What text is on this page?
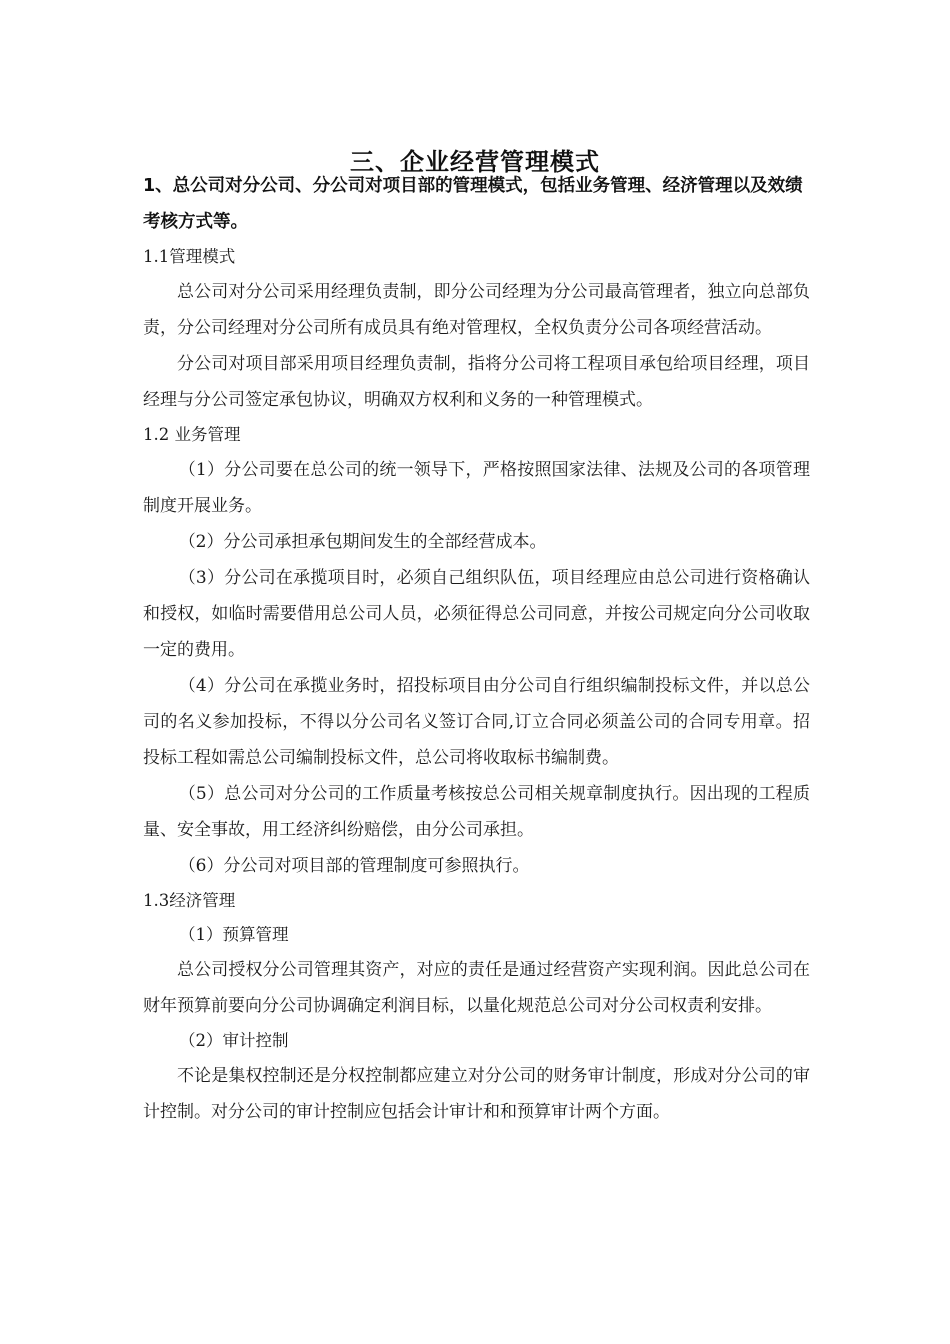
三、企业经营管理模式

1、总公司对分公司、分公司对项目部的管理模式，包括业务管理、经济管理以及效绩考核方式等。

1.1管理模式

总公司对分公司采用经理负责制，即分公司经理为分公司最高管理者，独立向总部负责，分公司经理对分公司所有成员具有绝对管理权，全权负责分公司各项经营活动。

分公司对项目部采用项目经理负责制，指将分公司将工程项目承包给项目经理，项目经理与分公司签定承包协议，明确双方权利和义务的一种管理模式。

1.2 业务管理

（1）分公司要在总公司的统一领导下，严格按照国家法律、法规及公司的各项管理制度开展业务。

（2）分公司承担承包期间发生的全部经营成本。

（3）分公司在承揽项目时，必须自己组织队伍，项目经理应由总公司进行资格确认和授权，如临时需要借用总公司人员，必须征得总公司同意，并按公司规定向分公司收取一定的费用。

（4）分公司在承揽业务时，招投标项目由分公司自行组织编制投标文件，并以总公司的名义参加投标，不得以分公司名义签订合同,订立合同必须盖公司的合同专用章。招投标工程如需总公司编制投标文件，总公司将收取标书编制费。

（5）总公司对分公司的工作质量考核按总公司相关规章制度执行。因出现的工程质量、安全事故，用工经济纠纷赔偿，由分公司承担。

（6）分公司对项目部的管理制度可参照执行。

1.3经济管理

（1）预算管理

总公司授权分公司管理其资产，对应的责任是通过经营资产实现利润。因此总公司在财年预算前要向分公司协调确定利润目标，以量化规范总公司对分公司权责利安排。

（2）审计控制

不论是集权控制还是分权控制都应建立对分公司的财务审计制度，形成对分公司的审计控制。对分公司的审计控制应包括会计审计和和预算审计两个方面。
